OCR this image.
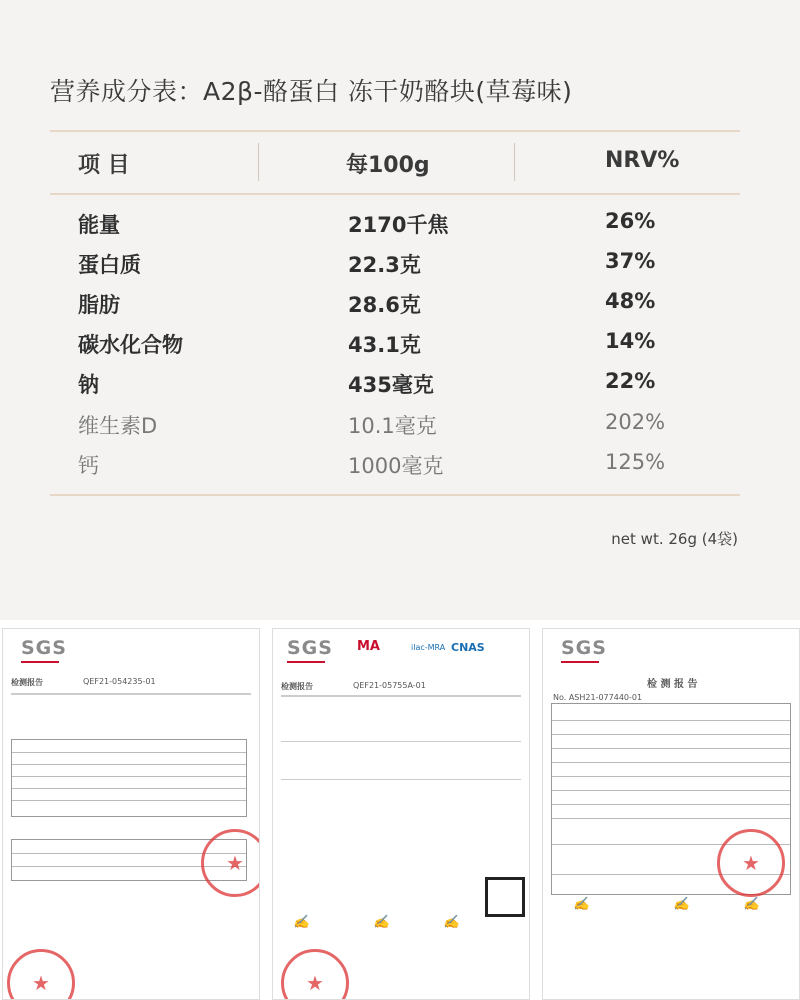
营养成分表：A2β-酪蛋白 冻干奶酪块(草莓味)
项 目	每100g	NRV%
能量	2170千焦	26%
蛋白质	22.3克	37%
脂肪	28.6克	48%
碳水化合物	43.1克	14%
钠	435毫克	22%
维生素D	10.1毫克	202%
钙	1000毫克	125%
net wt. 26g (4袋)
SGS
检测报告	QEF21-054235-01
★
★
SGS MA	ilac-MRA CNAS
检测报告	QEF21-05755A-01
✍	✍	✍
★
SGS
检 测 报 告
No. ASH21-077440-01
★
✍	✍	✍
